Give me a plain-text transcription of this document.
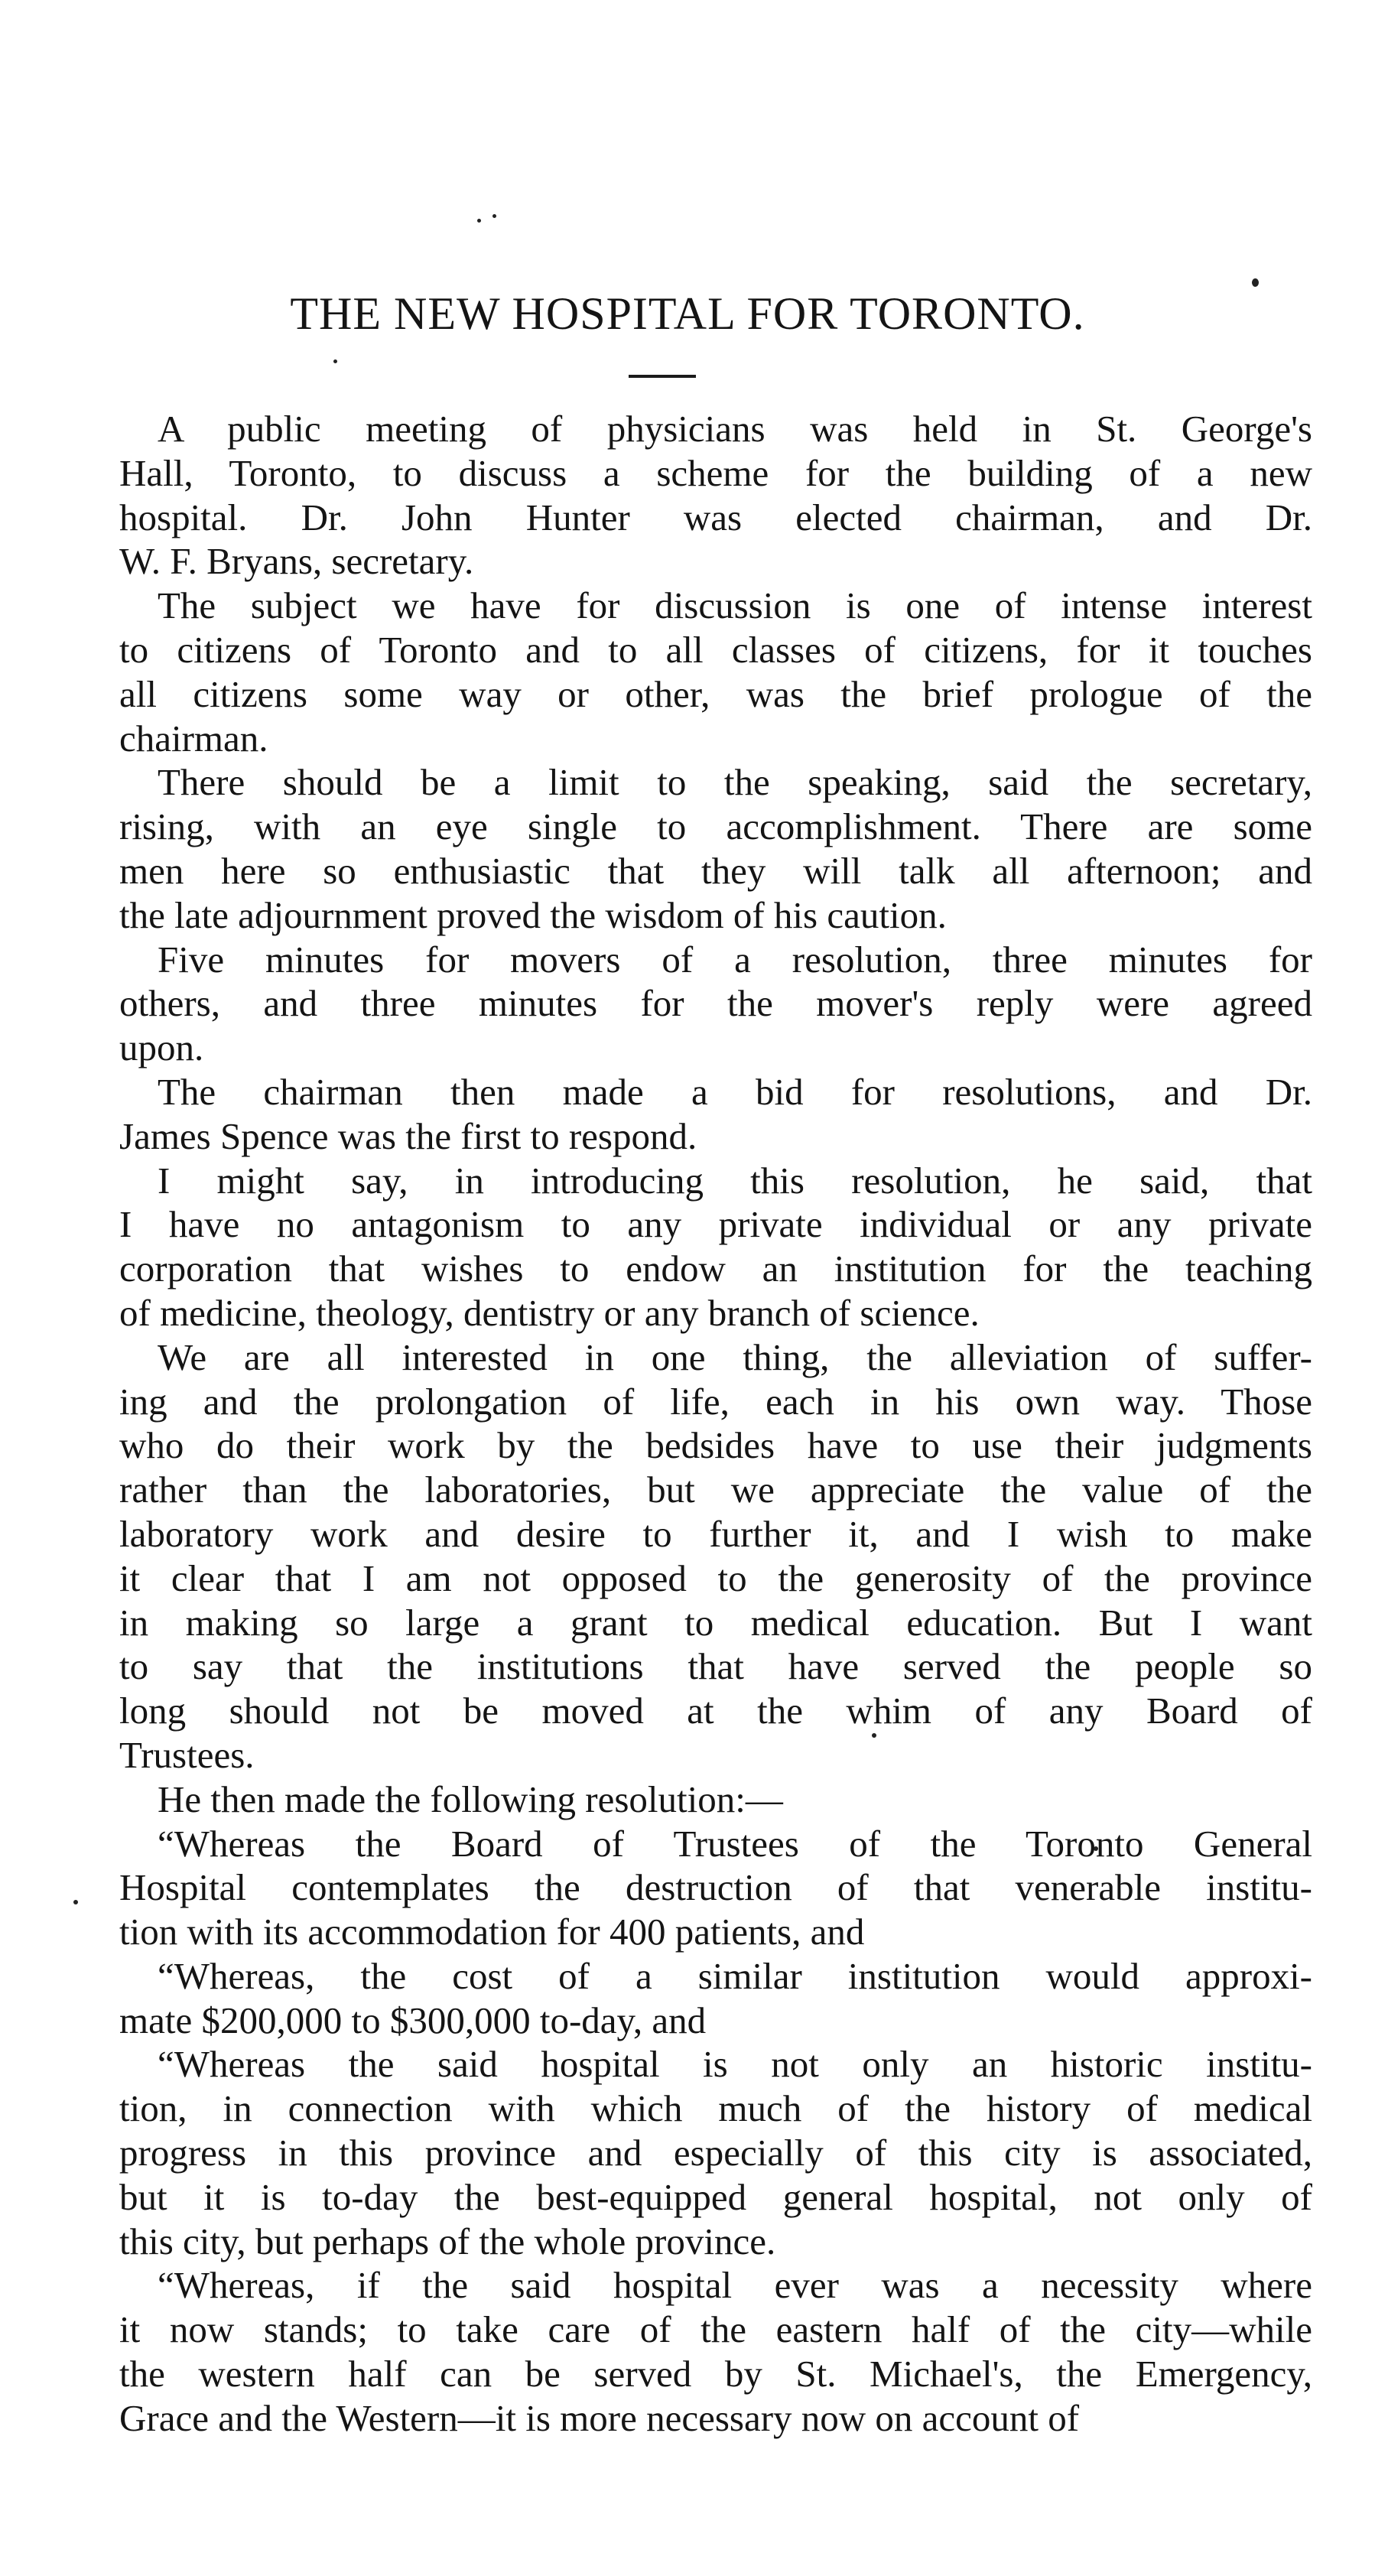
THE NEW HOSPITAL FOR TORONTO.
A public meeting of physicians was held in St. George's
Hall, Toronto, to discuss a scheme for the building of a new
hospital. Dr. John Hunter was elected chairman, and Dr.
W. F. Bryans, secretary.
The subject we have for discussion is one of intense interest
to citizens of Toronto and to all classes of citizens, for it touches
all citizens some way or other, was the brief prologue of the
chairman.
There should be a limit to the speaking, said the secretary,
rising, with an eye single to accomplishment. There are some
men here so enthusiastic that they will talk all afternoon; and
the late adjournment proved the wisdom of his caution.
Five minutes for movers of a resolution, three minutes for
others, and three minutes for the mover's reply were agreed
upon.
The chairman then made a bid for resolutions, and Dr.
James Spence was the first to respond.
I might say, in introducing this resolution, he said, that
I have no antagonism to any private individual or any private
corporation that wishes to endow an institution for the teaching
of medicine, theology, dentistry or any branch of science.
We are all interested in one thing, the alleviation of suffer-
ing and the prolongation of life, each in his own way. Those
who do their work by the bedsides have to use their judgments
rather than the laboratories, but we appreciate the value of the
laboratory work and desire to further it, and I wish to make
it clear that I am not opposed to the generosity of the province
in making so large a grant to medical education. But I want
to say that the institutions that have served the people so
long should not be moved at the whim of any Board of
Trustees.
He then made the following resolution:—
“Whereas the Board of Trustees of the Toronto General
Hospital contemplates the destruction of that venerable institu-
tion with its accommodation for 400 patients, and
“Whereas, the cost of a similar institution would approxi-
mate $200,000 to $300,000 to-day, and
“Whereas the said hospital is not only an historic institu-
tion, in connection with which much of the history of medical
progress in this province and especially of this city is associated,
but it is to-day the best-equipped general hospital, not only of
this city, but perhaps of the whole province.
“Whereas, if the said hospital ever was a necessity where
it now stands; to take care of the eastern half of the city—while
the western half can be served by St. Michael's, the Emergency,
Grace and the Western—it is more necessary now on account of
